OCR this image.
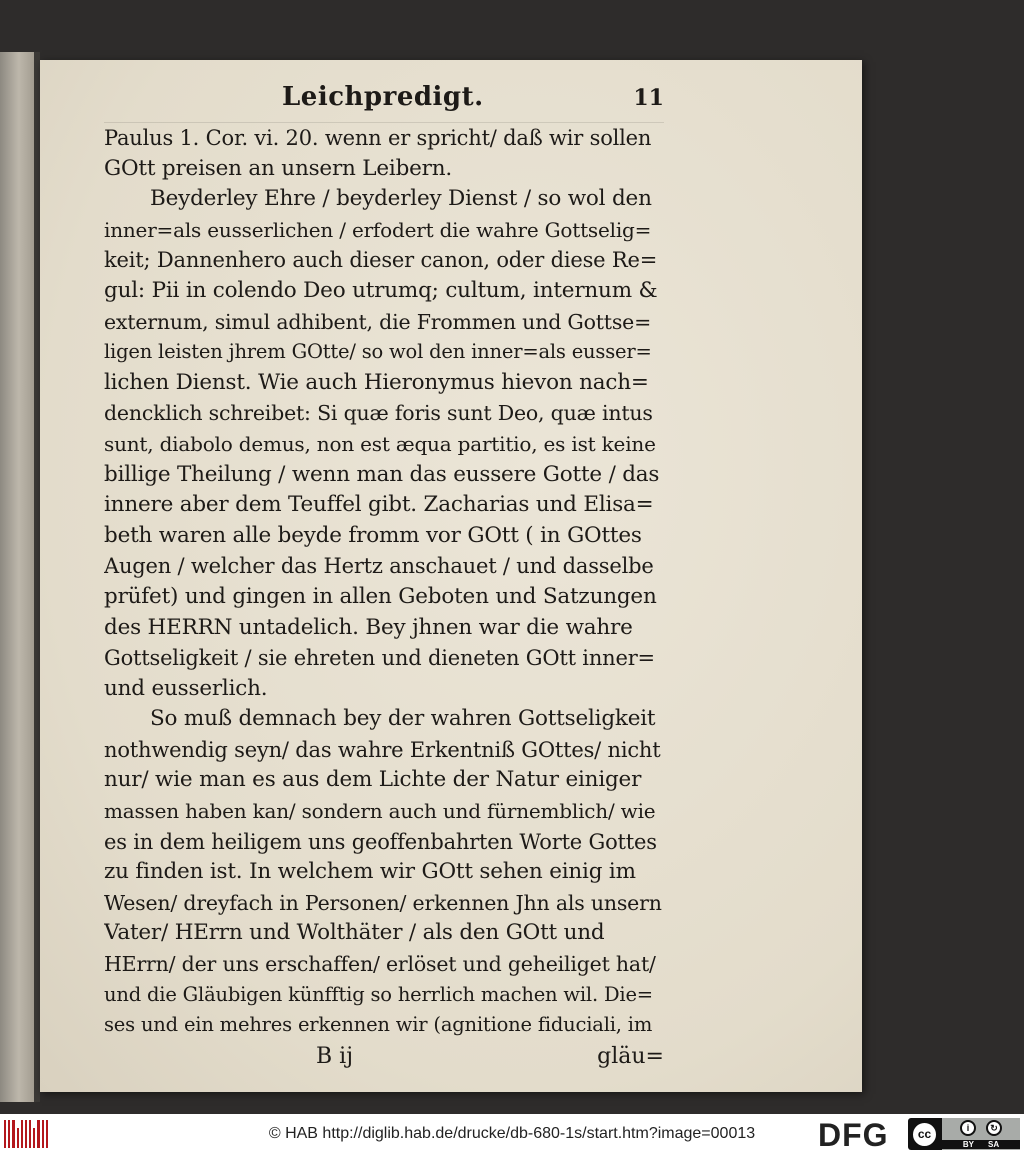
Leichpredigt.	11
Paulus 1. Cor. vi. 20. wenn er spricht/ daß wir sollen
GOtt preisen an unsern Leibern.
Beyderley Ehre / beyderley Dienst / so wol den
inner=als eusserlichen / erfodert die wahre Gottselig=
keit; Dannenhero auch dieser canon, oder diese Re=
gul: Pii in colendo Deo utrumq; cultum, internum &
externum, simul adhibent, die Frommen und Gottse=
ligen leisten jhrem GOtte/ so wol den inner=als eusser=
lichen Dienst. Wie auch Hieronymus hievon nach=
dencklich schreibet: Si quæ foris sunt Deo, quæ intus
sunt, diabolo demus, non est æqua partitio, es ist keine
billige Theilung / wenn man das eussere Gotte / das
innere aber dem Teuffel gibt. Zacharias und Elisa=
beth waren alle beyde fromm vor GOtt ( in GOttes
Augen / welcher das Hertz anschauet / und dasselbe
prüfet) und gingen in allen Geboten und Satzungen
des HERRN untadelich. Bey jhnen war die wahre
Gottseligkeit / sie ehreten und dieneten GOtt inner=
und eusserlich.
So muß demnach bey der wahren Gottseligkeit
nothwendig seyn/ das wahre Erkentniß GOttes/ nicht
nur/ wie man es aus dem Lichte der Natur einiger
massen haben kan/ sondern auch und fürnemblich/ wie
es in dem heiligem uns geoffenbahrten Worte Gottes
zu finden ist. In welchem wir GOtt sehen einig im
Wesen/ dreyfach in Personen/ erkennen Jhn als unsern
Vater/ HErrn und Wolthäter / als den GOtt und
HErrn/ der uns erschaffen/ erlöset und geheiliget hat/
und die Gläubigen künfftig so herrlich machen wil. Die=
ses und ein mehres erkennen wir (agnitione fiduciali, im
B ij	gläu=
© HAB http://diglib.hab.de/drucke/db-680-1s/start.htm?image=00013	DFG	cc	i	↻
BY SA
